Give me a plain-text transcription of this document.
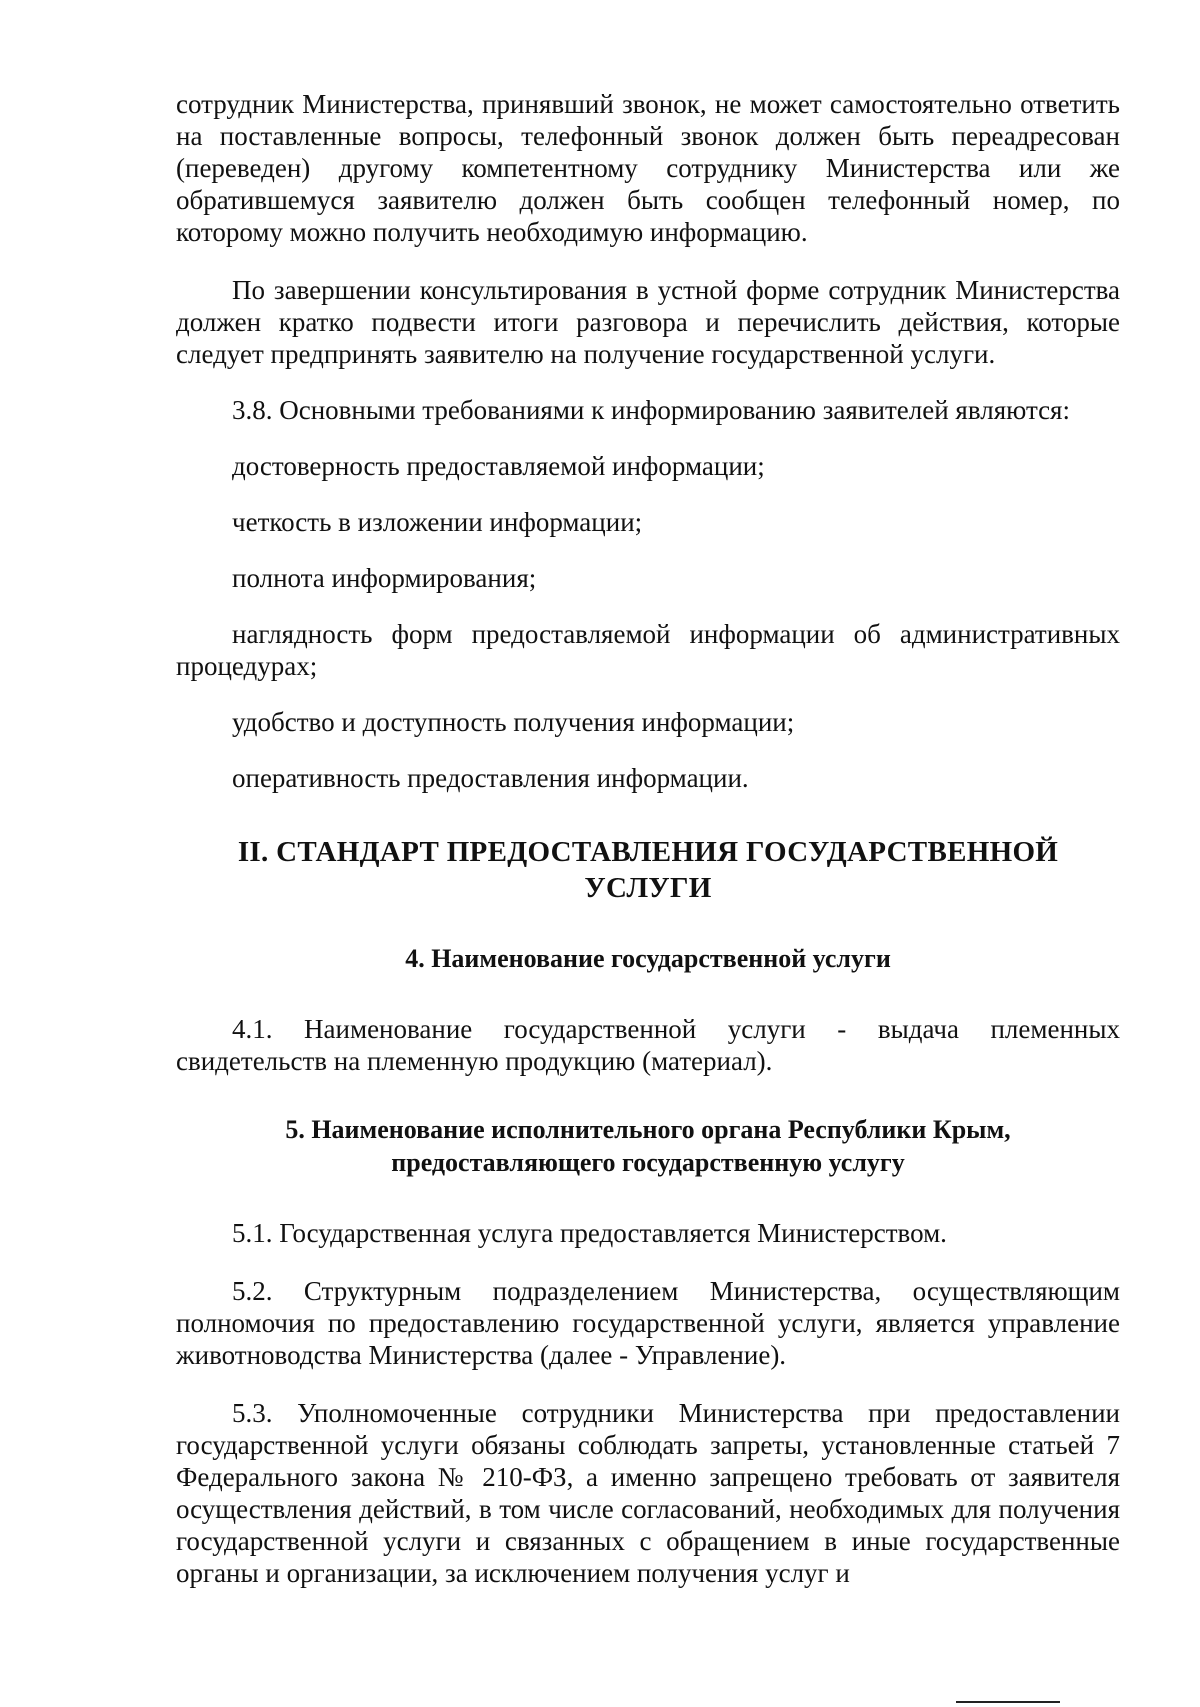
сотрудник Министерства, принявший звонок, не может самостоятельно ответить на поставленные вопросы, телефонный звонок должен быть переадресован (переведен) другому компетентному сотруднику Министерства или же обратившемуся заявителю должен быть сообщен телефонный номер, по которому можно получить необходимую информацию.

По завершении консультирования в устной форме сотрудник Министерства должен кратко подвести итоги разговора и перечислить действия, которые следует предпринять заявителю на получение государственной услуги.

3.8. Основными требованиями к информированию заявителей являются:

достоверность предоставляемой информации;

четкость в изложении информации;

полнота информирования;

наглядность форм предоставляемой информации об административных процедурах;

удобство и доступность получения информации;

оперативность предоставления информации.

II. СТАНДАРТ ПРЕДОСТАВЛЕНИЯ ГОСУДАРСТВЕННОЙ УСЛУГИ
4. Наименование государственной услуги

4.1. Наименование государственной услуги - выдача племенных свидетельств на племенную продукцию (материал).

5. Наименование исполнительного органа Республики Крым,
предоставляющего государственную услугу

5.1. Государственная услуга предоставляется Министерством.

5.2. Структурным подразделением Министерства, осуществляющим полномочия по предоставлению государственной услуги, является управление животноводства Министерства (далее - Управление).

5.3. Уполномоченные сотрудники Министерства при предоставлении государственной услуги обязаны соблюдать запреты, установленные статьей 7 Федерального закона № 210-ФЗ, а именно запрещено требовать от заявителя осуществления действий, в том числе согласований, необходимых для получения государственной услуги и связанных с обращением в иные государственные органы и организации, за исключением получения услуг и
